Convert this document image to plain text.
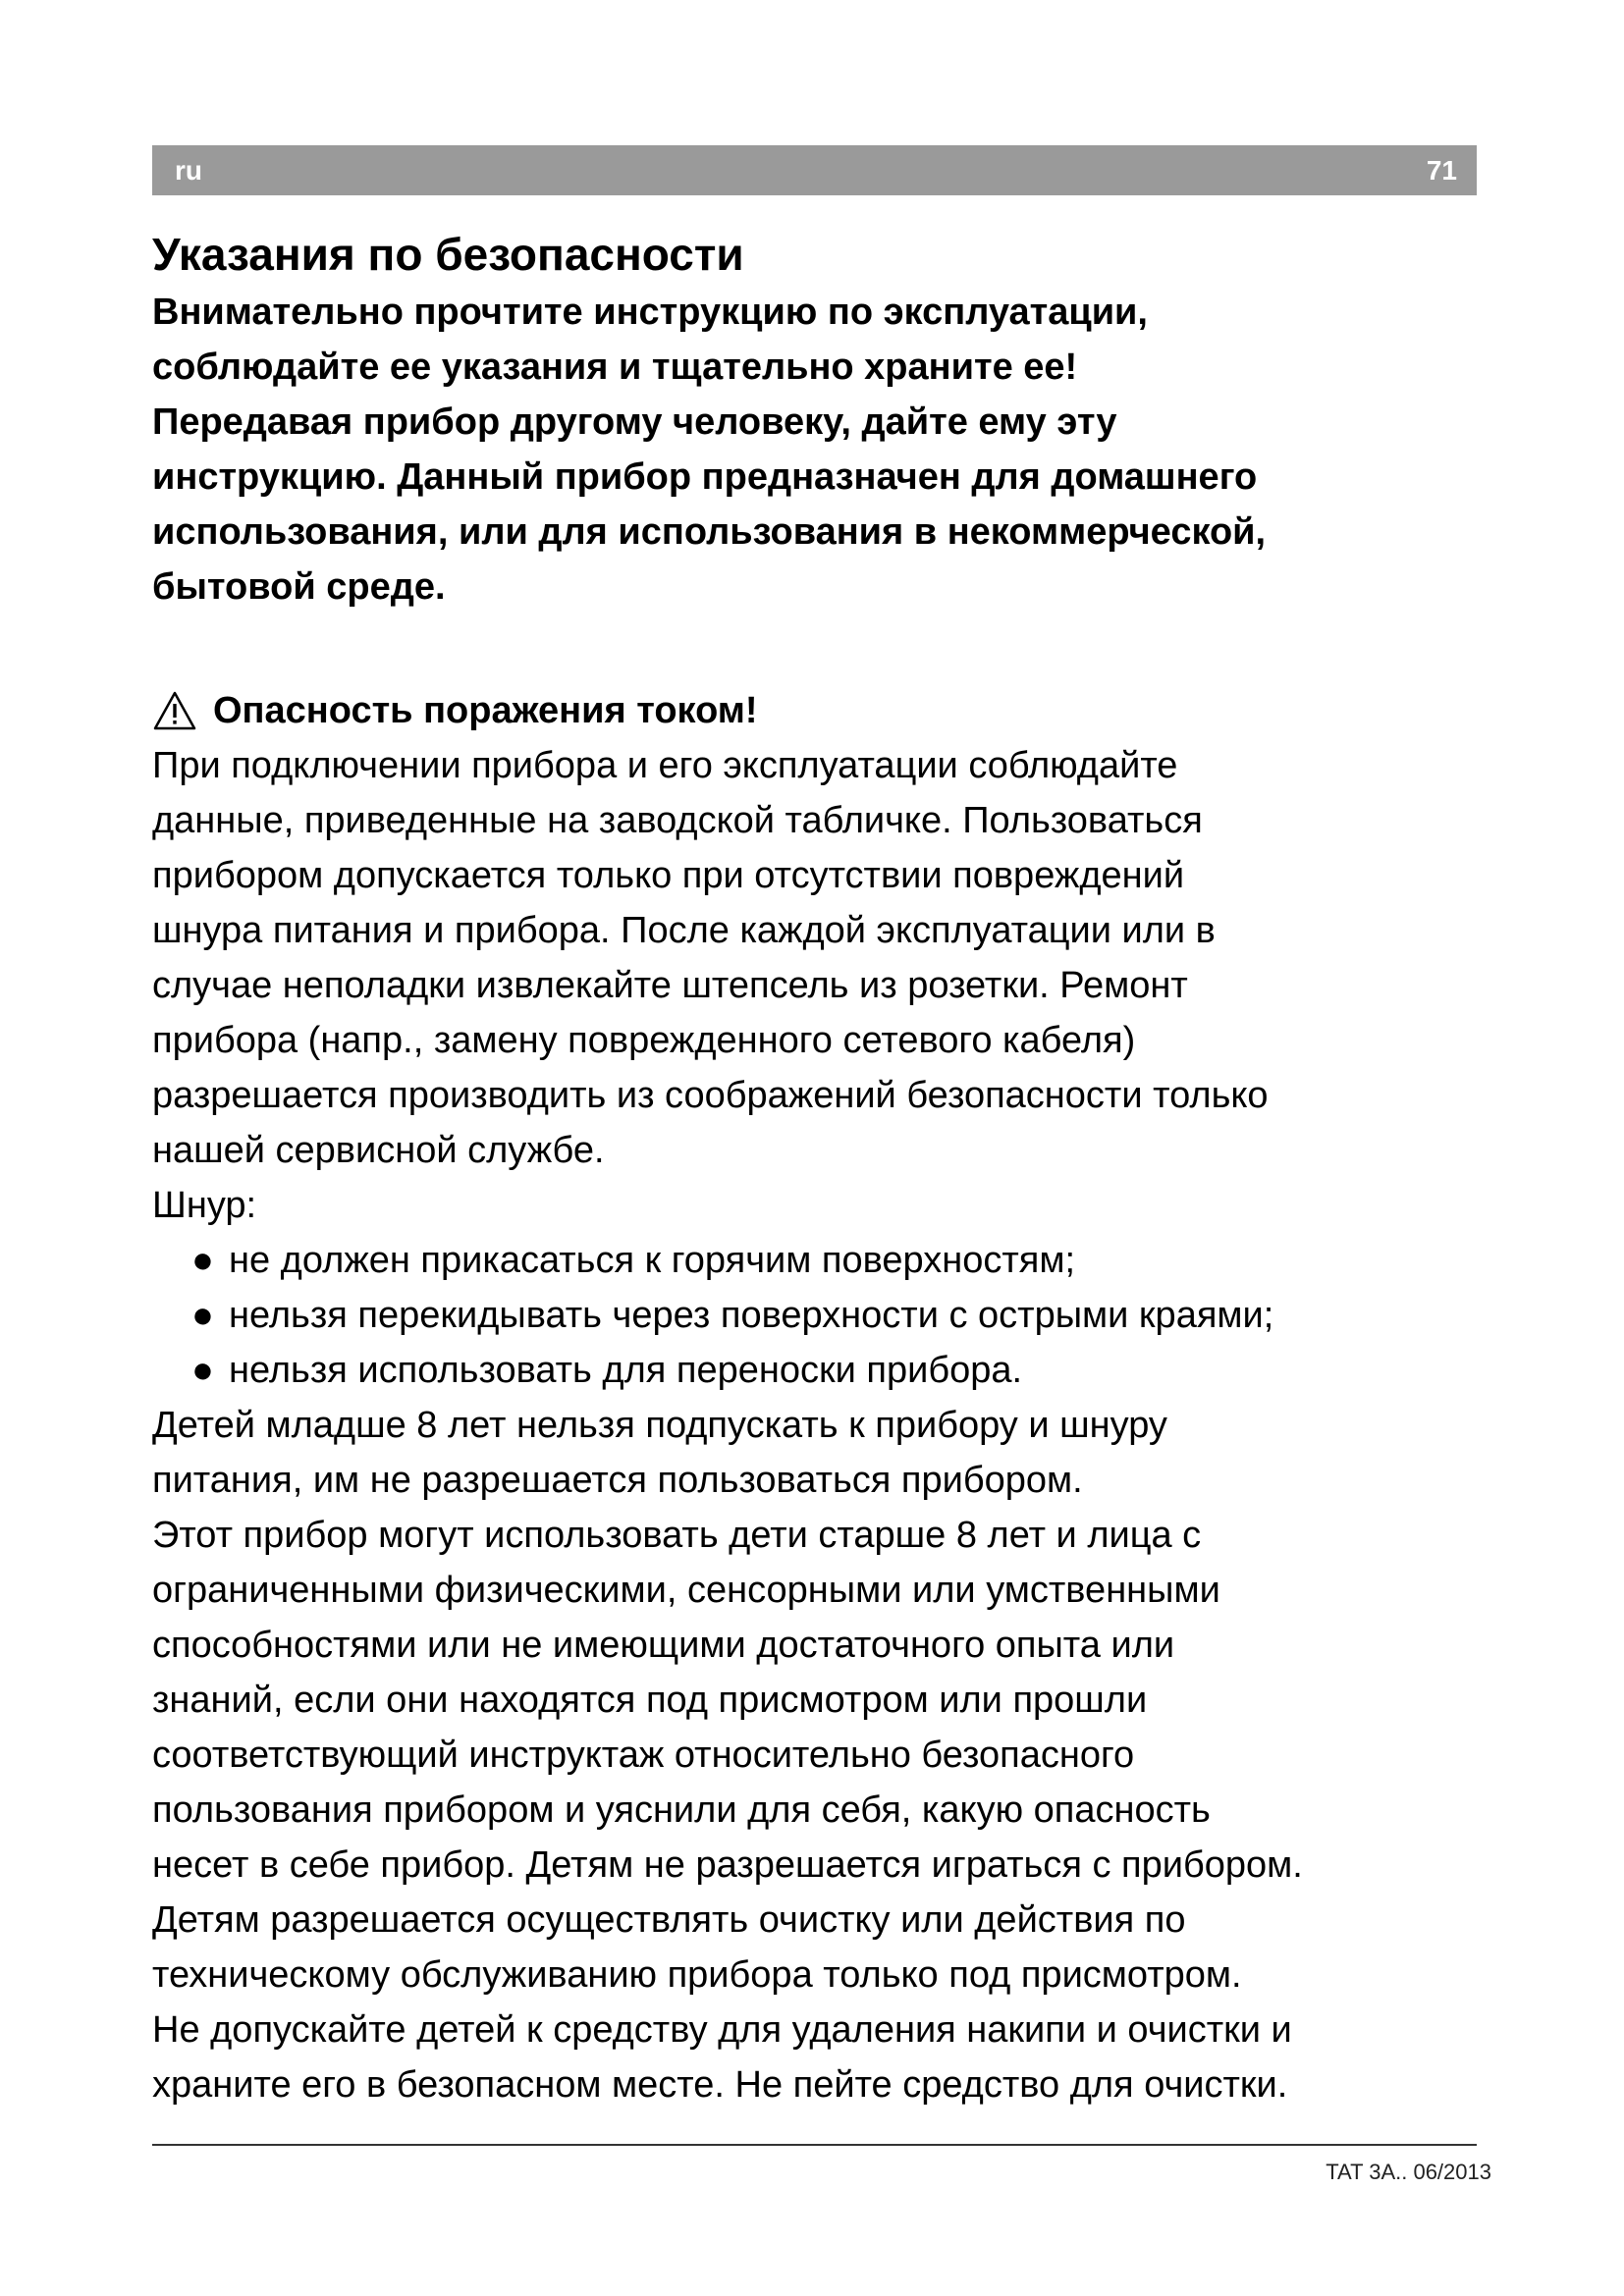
ru	71
Указания по безопасности
Внимательно прочтите инструкцию по эксплуатации,
соблюдайте ее указания и тщательно храните ее!
Передавая прибор другому человеку, дайте ему эту
инструкцию. Данный прибор предназначен для домашнего
использования, или для использования в некоммерческой,
бытовой среде.
Опасность поражения током!
При подключении прибора и его эксплуатации соблюдайте
данные, приведенные на заводской табличке. Пользоваться
прибором допускается только при отсутствии повреждений
шнура питания и прибора. После каждой эксплуатации или в
случае неполадки извлекайте штепсель из розетки. Ремонт
прибора (напр., замену поврежденного сетевого кабеля)
разрешается производить из соображений безопасности только
нашей сервисной службе.
Шнур:
● не должен прикасаться к горячим поверхностям;
● нельзя перекидывать через поверхности с острыми краями;
● нельзя использовать для переноски прибора.
Детей младше 8 лет нельзя подпускать к прибору и шнуру
питания, им не разрешается пользоваться прибором.
Этот прибор могут использовать дети старше 8 лет и лица с
ограниченными физическими, сенсорными или умственными
способностями или не имеющими достаточного опыта или
знаний, если они находятся под присмотром или прошли
соответствующий инструктаж относительно безопасного
пользования прибором и уяснили для себя, какую опасность
несет в себе прибор. Детям не разрешается играться с прибором.
Детям разрешается осуществлять очистку или действия по
техническому обслуживанию прибора только под присмотром.
Не допускайте детей к средству для удаления накипи и очистки и
храните его в безопасном месте. Не пейте средство для очистки.
TAT 3A.. 06/2013
